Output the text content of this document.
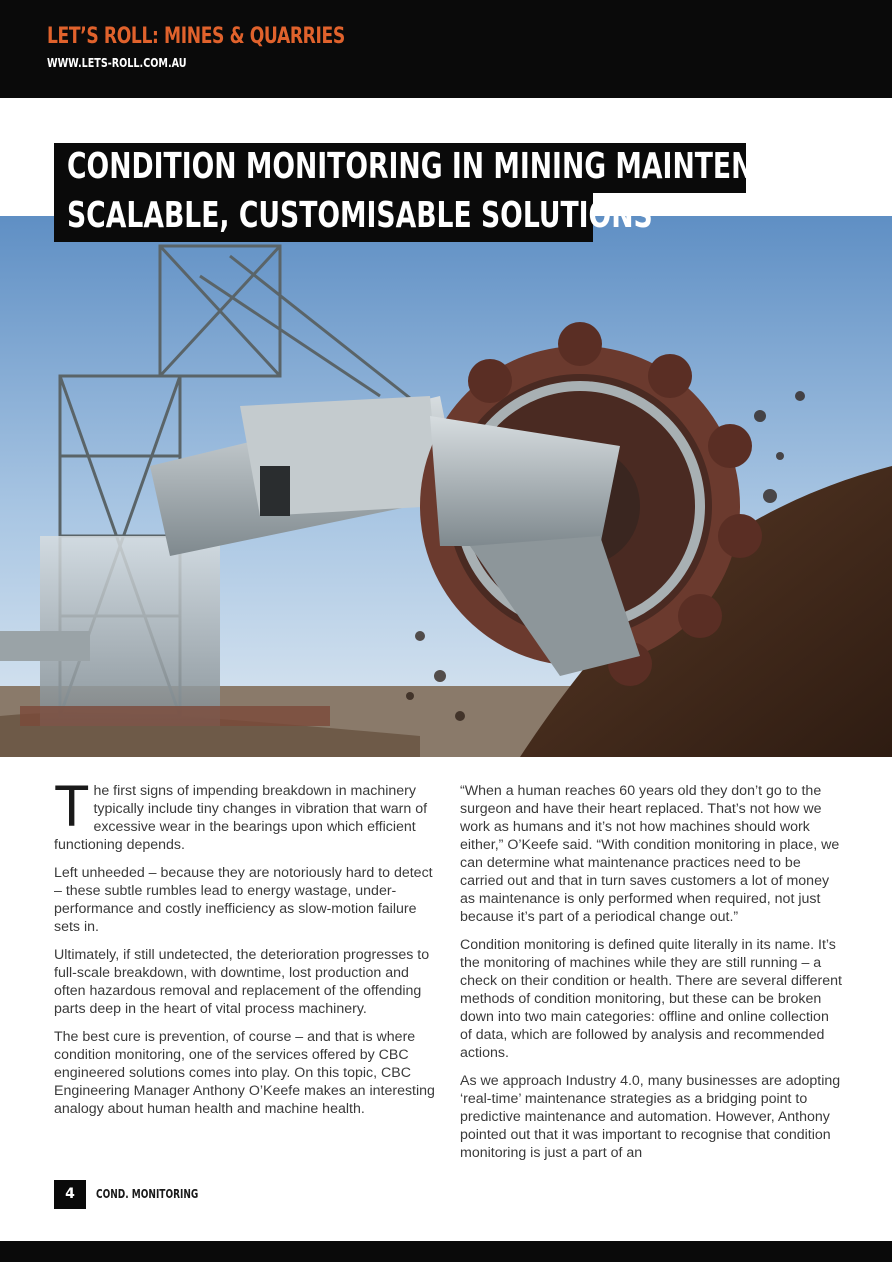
LET’S ROLL: MINES & QUARRIES
WWW.LETS-ROLL.COM.AU
CONDITION MONITORING IN MINING MAINTENANCE:
SCALABLE, CUSTOMISABLE SOLUTIONS

The first signs of impending breakdown in machinery typically include tiny changes in vibration that warn of excessive wear in the bearings upon which efficient functioning depends.

Left unheeded – because they are notoriously hard to detect – these subtle rumbles lead to energy wastage, under-performance and costly inefficiency as slow-motion failure sets in.

Ultimately, if still undetected, the deterioration progresses to full-scale breakdown, with downtime, lost production and often hazardous removal and replacement of the offending parts deep in the heart of vital process machinery.

The best cure is prevention, of course – and that is where condition monitoring, one of the services offered by CBC engineered solutions comes into play. On this topic, CBC Engineering Manager Anthony O’Keefe makes an interesting analogy about human health and machine health.

“When a human reaches 60 years old they don’t go to the surgeon and have their heart replaced. That’s not how we work as humans and it’s not how machines should work either,” O’Keefe said. “With condition monitoring in place, we can determine what maintenance practices need to be carried out and that in turn saves customers a lot of money as maintenance is only performed when required, not just because it’s part of a periodical change out.”

Condition monitoring is defined quite literally in its name. It’s the monitoring of machines while they are still running – a check on their condition or health. There are several different methods of condition monitoring, but these can be broken down into two main categories: offline and online collection of data, which are followed by analysis and recommended actions.

As we approach Industry 4.0, many businesses are adopting ‘real-time’ maintenance strategies as a bridging point to predictive maintenance and automation. However, Anthony pointed out that it was important to recognise that condition monitoring is just a part of an

4	COND. MONITORING
